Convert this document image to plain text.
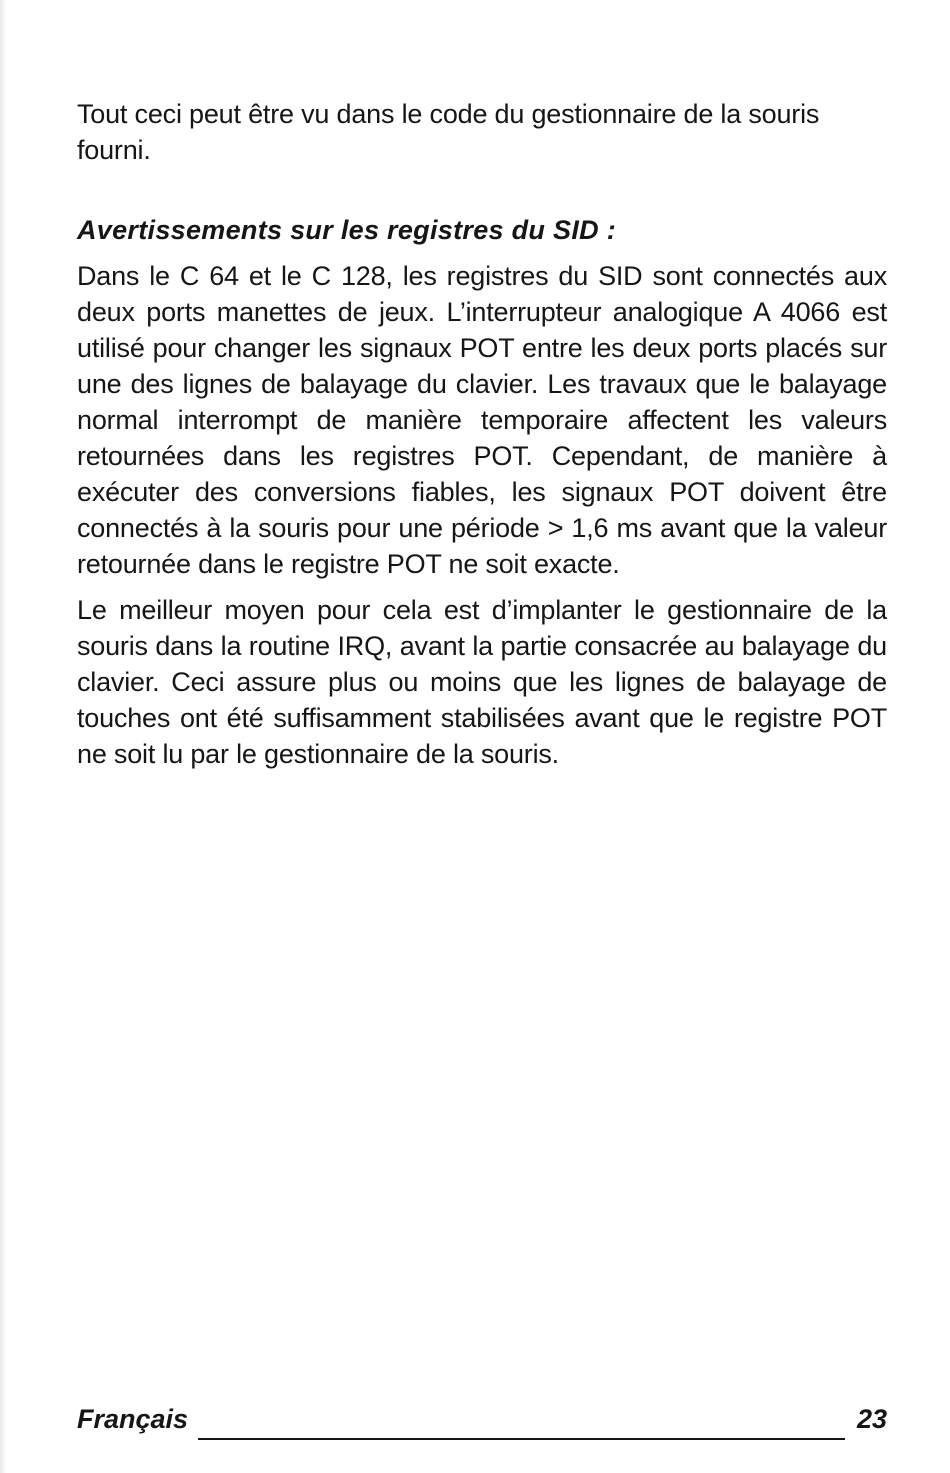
Tout ceci peut être vu dans le code du gestionnaire de la souris fourni.

Avertissements sur les registres du SID :

Dans le C 64 et le C 128, les registres du SID sont connectés aux deux ports manettes de jeux. L’interrupteur analogique A 4066 est utilisé pour changer les signaux POT entre les deux ports placés sur une des lignes de balayage du clavier. Les travaux que le balayage normal interrompt de manière temporaire affectent les valeurs retournées dans les registres POT. Cependant, de manière à exécuter des conversions fiables, les signaux POT doivent être connectés à la souris pour une période > 1,6 ms avant que la valeur retournée dans le registre POT ne soit exacte.

Le meilleur moyen pour cela est d’implanter le gestionnaire de la souris dans la routine IRQ, avant la partie consacrée au balayage du clavier. Ceci assure plus ou moins que les lignes de balayage de touches ont été suffisamment stabilisées avant que le registre POT ne soit lu par le gestionnaire de la souris.

Français	23
